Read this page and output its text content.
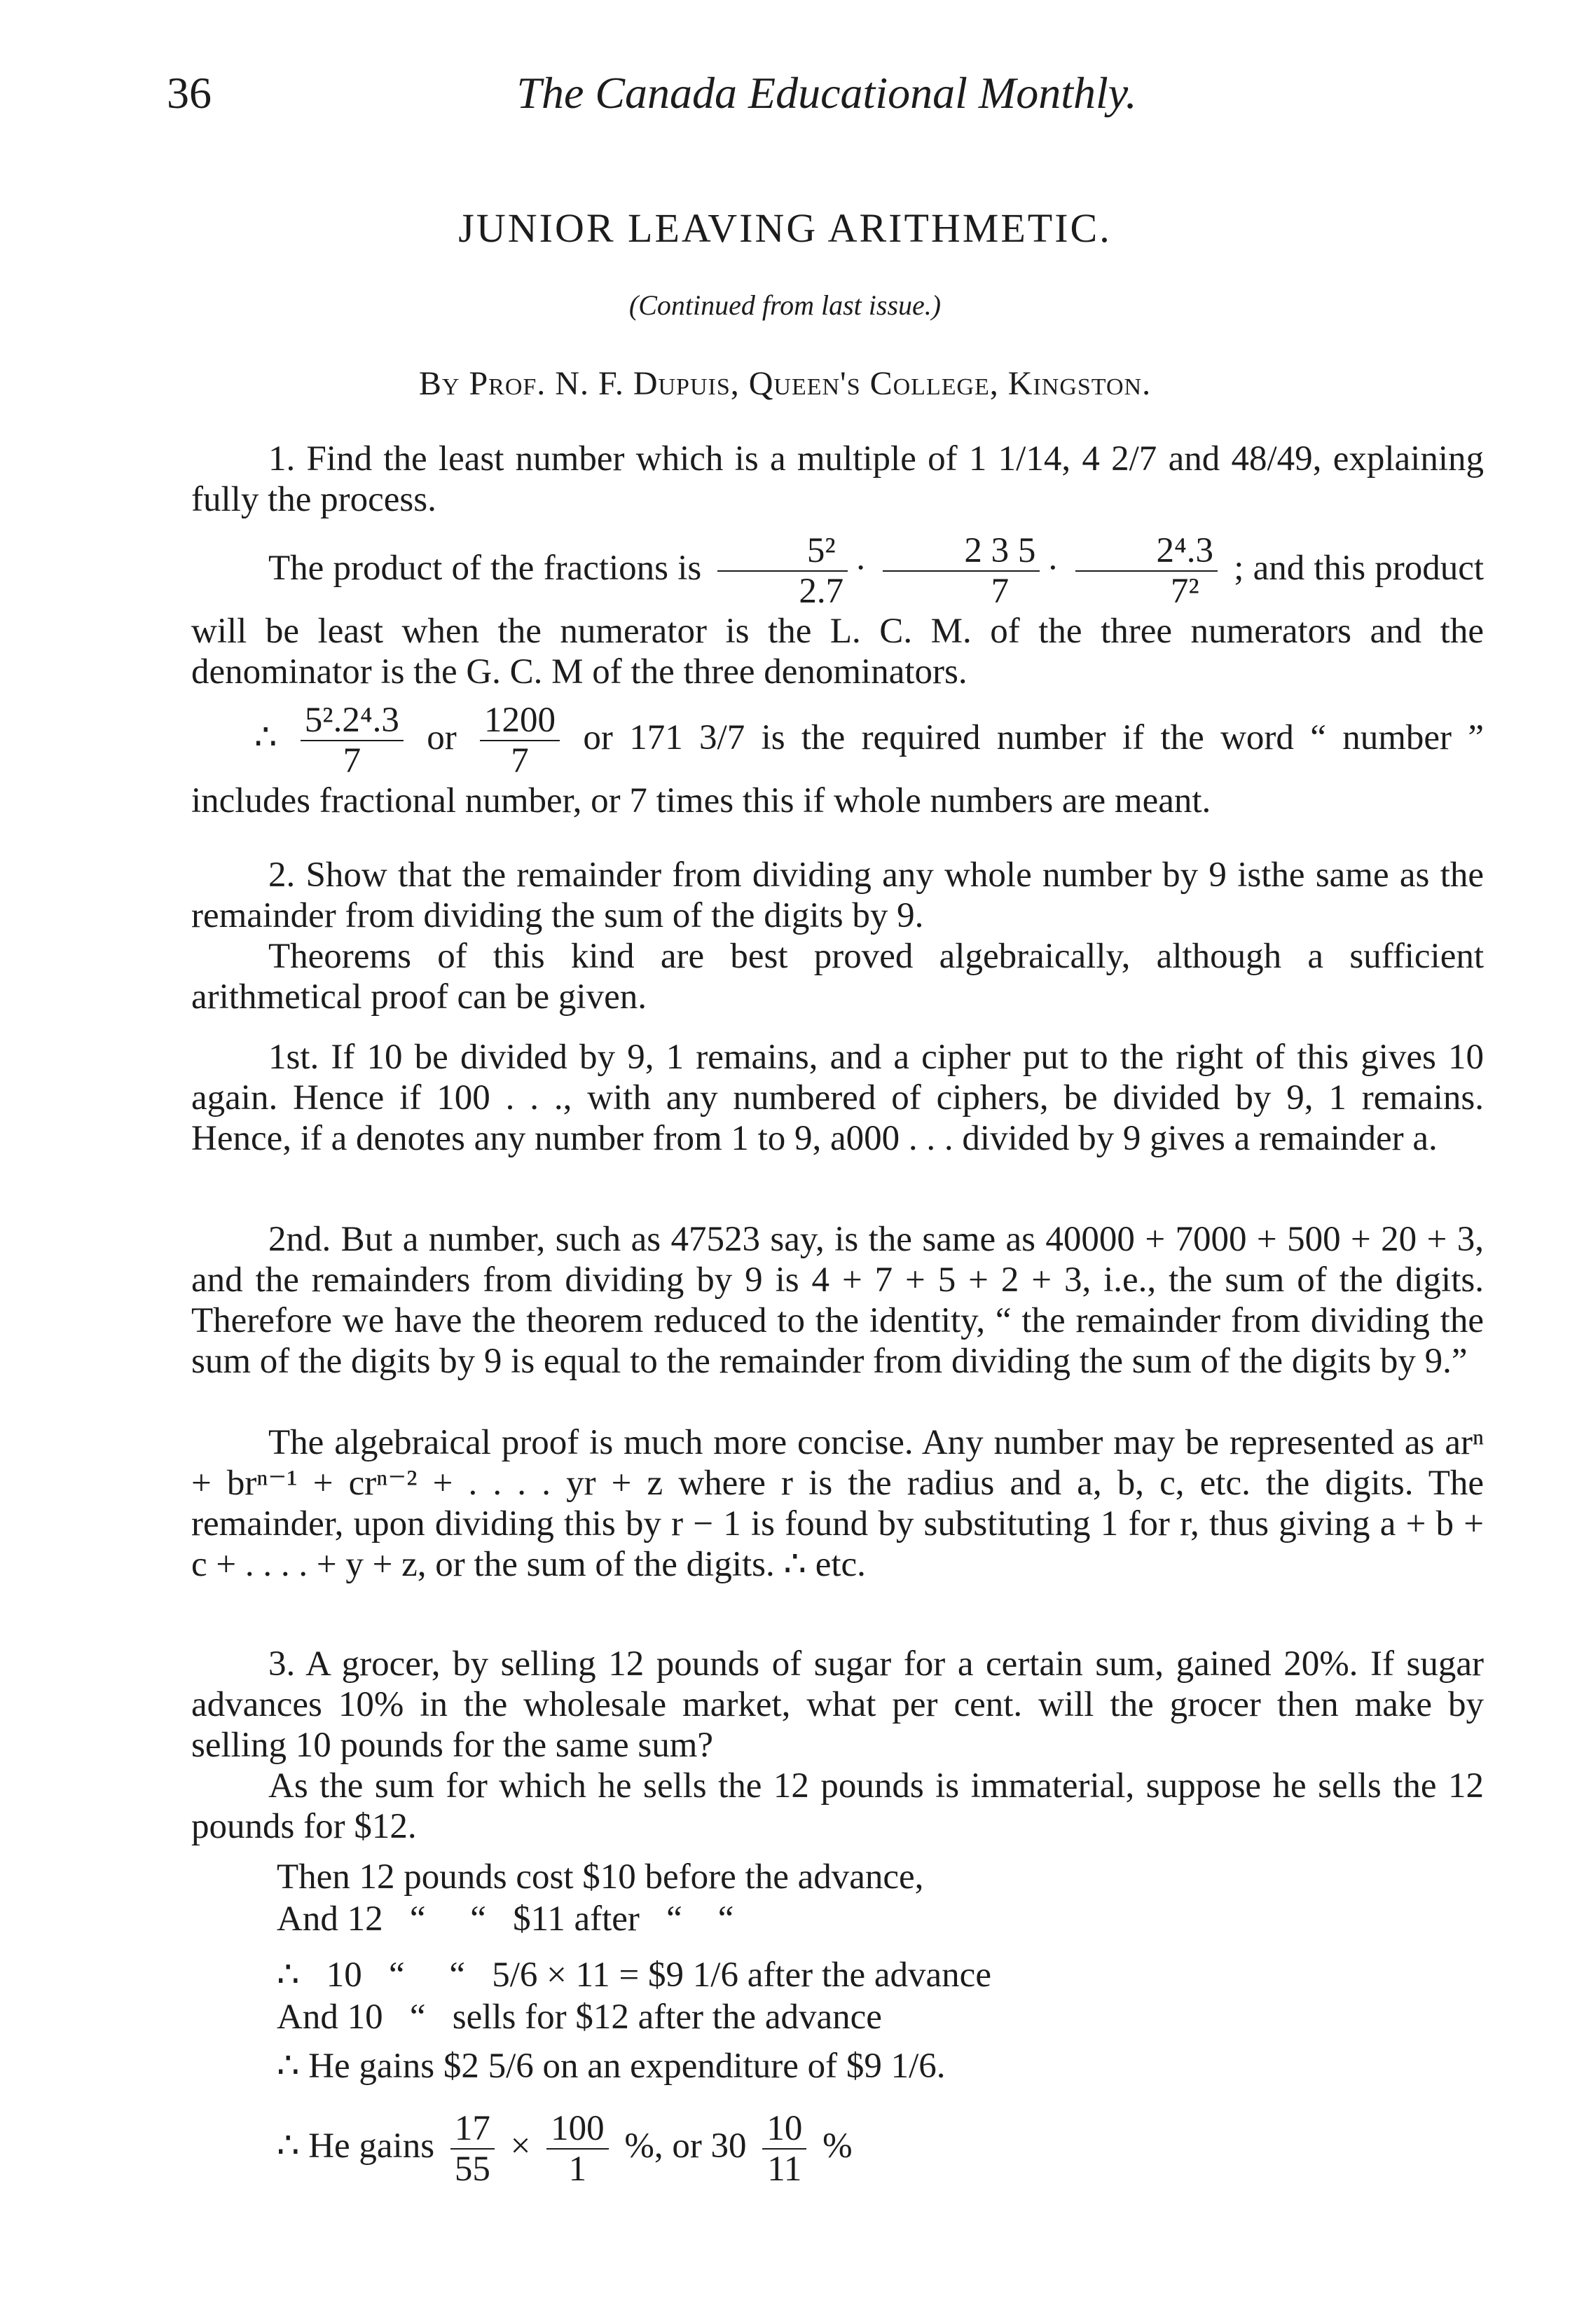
36	The Canada Educational Monthly.
JUNIOR LEAVING ARITHMETIC.
(Continued from last issue.)
By Prof. N. F. Dupuis, Queen's College, Kingston.
1. Find the least number which is a multiple of 1 1/14, 4 2/7 and 48/49, explaining fully the process.
The product of the fractions is $\frac{\text{5²}}{2.7} \cdot \frac{2 3 5}{7} \cdot \frac{\text{2⁴.3}}{\text{7²}}$ ; and this product will be least when the numerator is the L. C. M. of the three numerators and the denominator is the G. C. M of the three denominators.
∴ $\frac{\text{5².2⁴.3}}{7}$ or $\frac{1200}{7}$ or 171 3/7 is the required number if the word “ number ” includes fractional number, or 7 times this if whole numbers are meant.
2. Show that the remainder from dividing any whole number by 9 isthe same as the remainder from dividing the sum of the digits by 9.
Theorems of this kind are best proved algebraically, although a sufficient arithmetical proof can be given.
1st. If 10 be divided by 9, 1 remains, and a cipher put to the right of this gives 10 again. Hence if 100 . . ., with any numbered of ciphers, be divided by 9, 1 remains. Hence, if a denotes any number from 1 to 9, a000 . . . divided by 9 gives a remainder a.
2nd. But a number, such as 47523 say, is the same as 40000 + 7000 + 500 + 20 + 3, and the remainders from dividing by 9 is 4 + 7 + 5 + 2 + 3, i.e., the sum of the digits. Therefore we have the theorem reduced to the identity, “ the remainder from dividing the sum of the digits by 9 is equal to the remainder from dividing the sum of the digits by 9.”
The algebraical proof is much more concise. Any number may be represented as arⁿ + brⁿ⁻¹ + crⁿ⁻² + . . . . yr + z where r is the radius and a, b, c, etc. the digits. The remainder, upon dividing this by r − 1 is found by substituting 1 for r, thus giving a + b + c + . . . . + y + z, or the sum of the digits. ∴ etc.
3. A grocer, by selling 12 pounds of sugar for a certain sum, gained 20%. If sugar advances 10% in the wholesale market, what per cent. will the grocer then make by selling 10 pounds for the same sum?
As the sum for which he sells the 12 pounds is immaterial, suppose he sells the 12 pounds for $12.
Then 12 pounds cost $10 before the advance,
And 12   “     “   $11 after   “    “
∴   10   “     “   5/6 × 11 = $9 1/6 after the advance
And 10   “   sells for $12 after the advance
∴ He gains $2 5/6 on an expenditure of $9 1/6.
∴ He gains $\frac{17}{55} \times \frac{100}{1}$ %, or $30 \frac{10}{11}$ %
